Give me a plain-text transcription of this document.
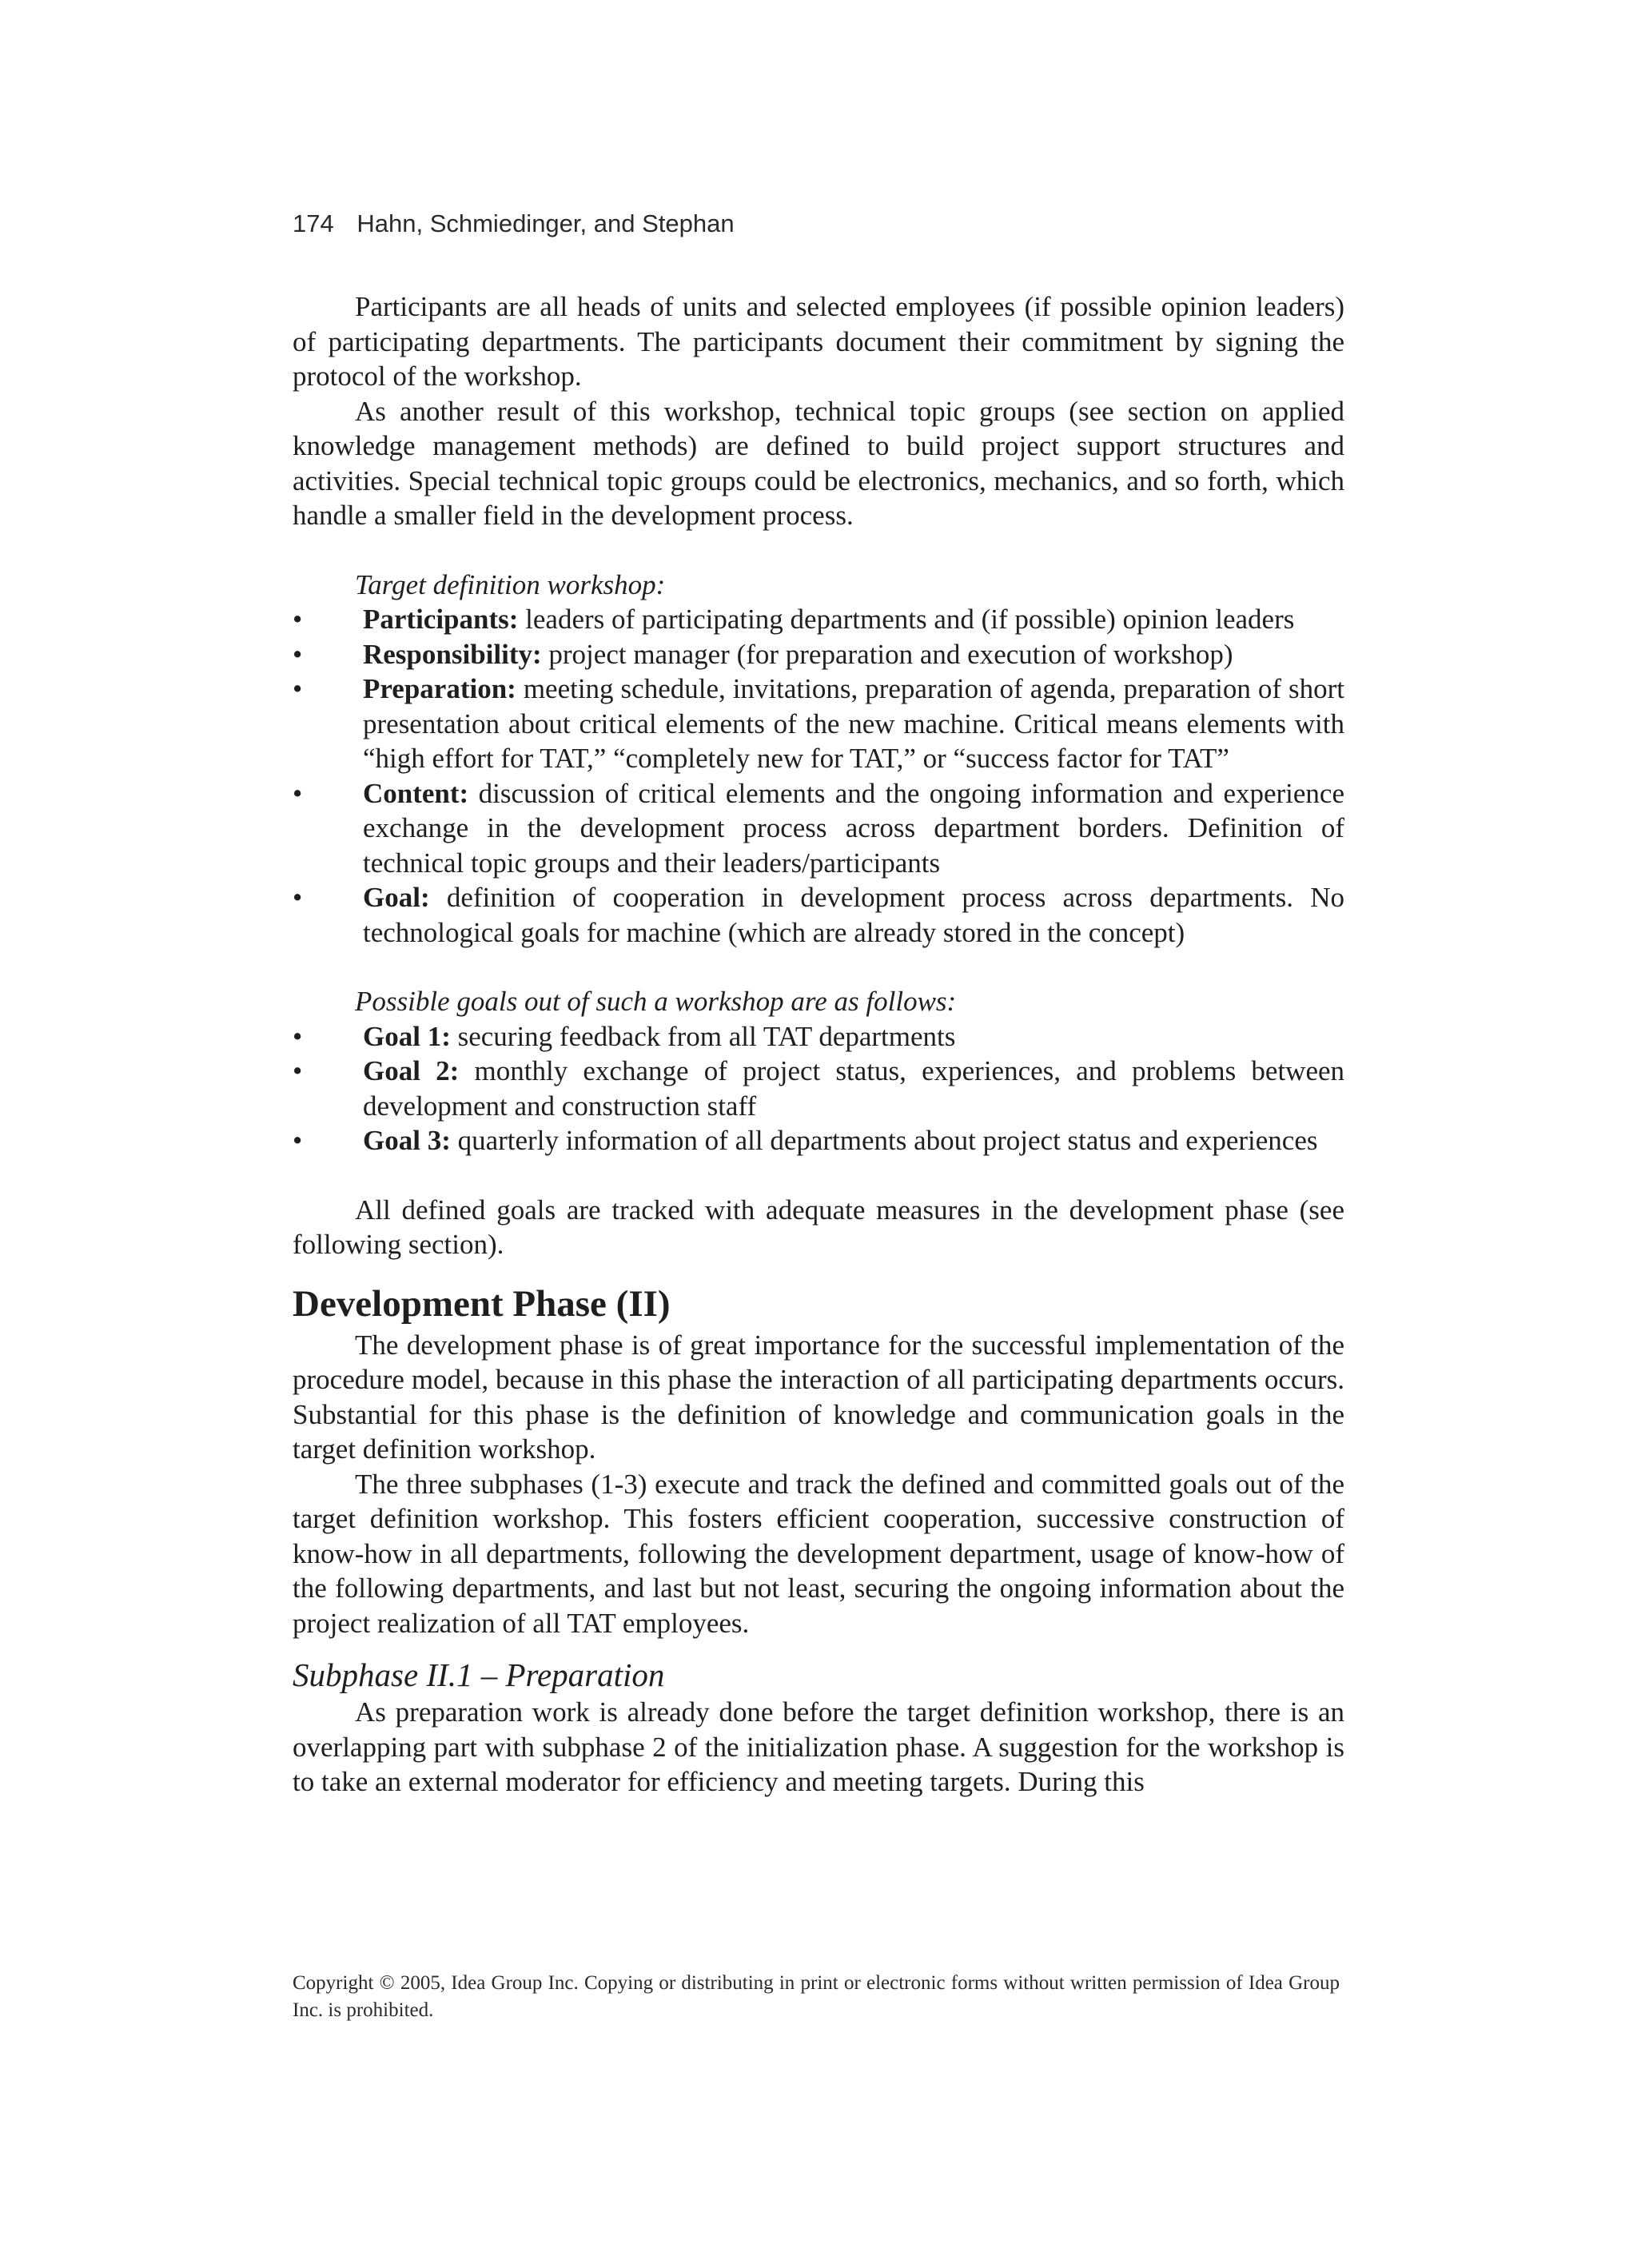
174 Hahn, Schmiedinger, and Stephan

Participants are all heads of units and selected employees (if possible opinion leaders) of participating departments. The participants document their commitment by signing the protocol of the workshop.

As another result of this workshop, technical topic groups (see section on applied knowledge management methods) are defined to build project support structures and activities. Special technical topic groups could be electronics, mechanics, and so forth, which handle a smaller field in the development process.

Target definition workshop:

• Participants: leaders of participating departments and (if possible) opinion leaders
• Responsibility: project manager (for preparation and execution of workshop)
• Preparation: meeting schedule, invitations, preparation of agenda, preparation of short presentation about critical elements of the new machine. Critical means elements with “high effort for TAT,” “completely new for TAT,” or “success factor for TAT”
• Content: discussion of critical elements and the ongoing information and experience exchange in the development process across department borders. Definition of technical topic groups and their leaders/participants
• Goal: definition of cooperation in development process across departments. No technological goals for machine (which are already stored in the concept)

Possible goals out of such a workshop are as follows:

• Goal 1: securing feedback from all TAT departments
• Goal 2: monthly exchange of project status, experiences, and problems between development and construction staff
• Goal 3: quarterly information of all departments about project status and experiences

All defined goals are tracked with adequate measures in the development phase (see following section).

Development Phase (II)

The development phase is of great importance for the successful implementation of the procedure model, because in this phase the interaction of all participating departments occurs. Substantial for this phase is the definition of knowledge and communication goals in the target definition workshop.

The three subphases (1-3) execute and track the defined and committed goals out of the target definition workshop. This fosters efficient cooperation, successive construction of know-how in all departments, following the development department, usage of know-how of the following departments, and last but not least, securing the ongoing information about the project realization of all TAT employees.

Subphase II.1 – Preparation

As preparation work is already done before the target definition workshop, there is an overlapping part with subphase 2 of the initialization phase. A suggestion for the workshop is to take an external moderator for efficiency and meeting targets. During this

Copyright © 2005, Idea Group Inc. Copying or distributing in print or electronic forms without written permission of Idea Group Inc. is prohibited.
